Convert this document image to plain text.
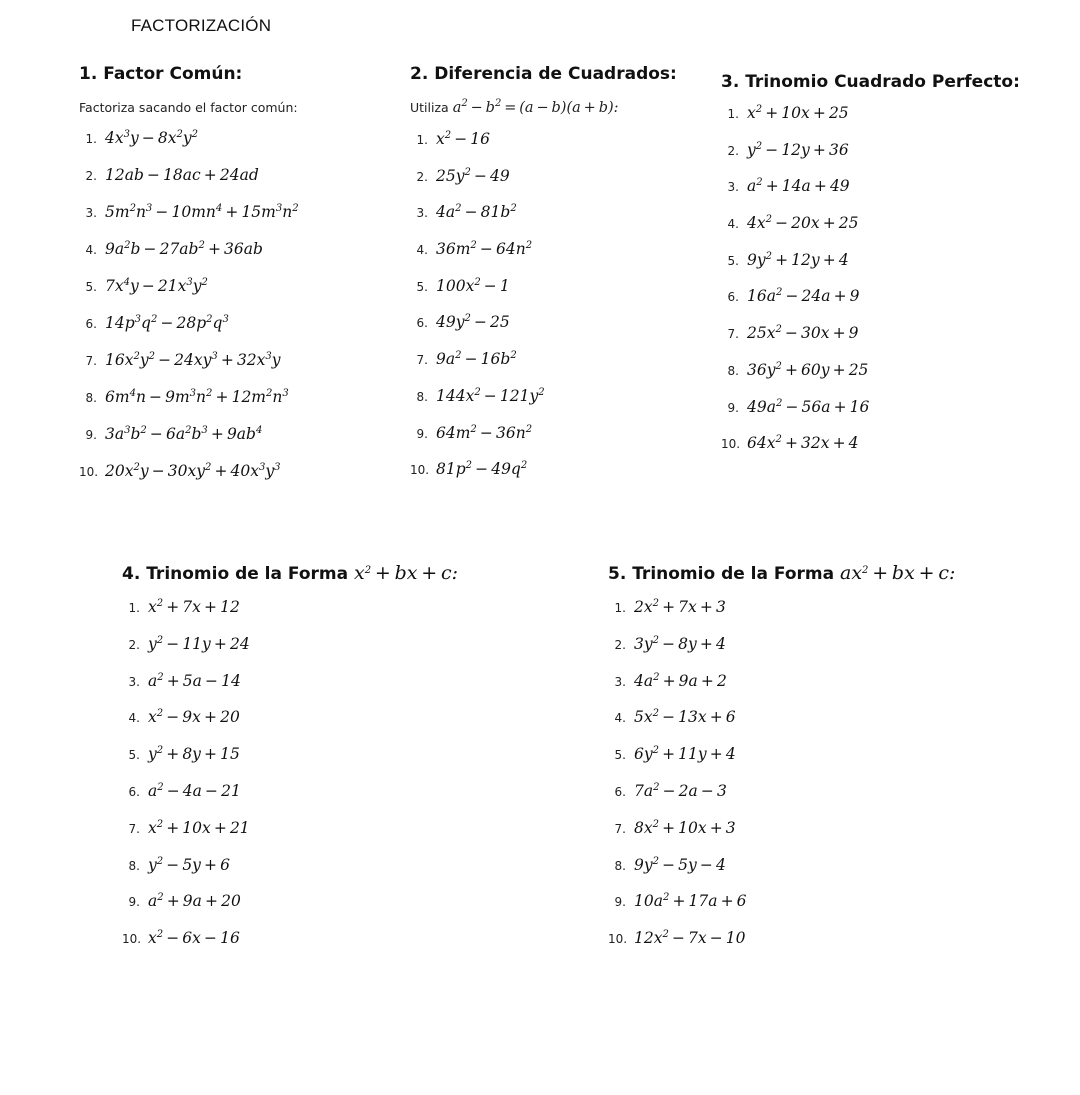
FACTORIZACIÓN
1. Factor Común:
Factoriza sacando el factor común:
1. $4x^3y - 8x^2y^2$
2. 12ab − 18ac + 24ad
3. $5m^2n^3 - 10mn^4 + 15m^3n^2$
4. $9a^2b - 27ab^2 + 36ab$
5. $7x^4y - 21x^3y^2$
6. $14p^3q^2 - 28p^2q^3$
7. $16x^2y^2 - 24xy^3 + 32x^3y$
8. $6m^4n - 9m^3n^2 + 12m^2n^3$
9. $3a^3b^2 - 6a^2b^3 + 9ab^4$
10. $20x^2y - 30xy^2 + 40x^3y^3$
2. Diferencia de Cuadrados:
Utiliza $a^2 - b^2 = (a - b)(a + b)$:
1. $x^2 - 16$
2. $25y^2 - 49$
3. $4a^2 - 81b^2$
4. $36m^2 - 64n^2$
5. $100x^2 - 1$
6. $49y^2 - 25$
7. $9a^2 - 16b^2$
8. $144x^2 - 121y^2$
9. $64m^2 - 36n^2$
10. $81p^2 - 49q^2$
3. Trinomio Cuadrado Perfecto:
1. $x^2 + 10x + 25$
2. $y^2 - 12y + 36$
3. $a^2 + 14a + 49$
4. $4x^2 - 20x + 25$
5. $9y^2 + 12y + 4$
6. $16a^2 - 24a + 9$
7. $25x^2 - 30x + 9$
8. $36y^2 + 60y + 25$
9. $49a^2 - 56a + 16$
10. $64x^2 + 32x + 4$
4. Trinomio de la Forma $x^2$ + bx + c:
1. $x^2 + 7x + 12$
2. $y^2 - 11y + 24$
3. $a^2 + 5a - 14$
4. $x^2 - 9x + 20$
5. $y^2 + 8y + 15$
6. $a^2 - 4a - 21$
7. $x^2 + 10x + 21$
8. $y^2 - 5y + 6$
9. $a^2 + 9a + 20$
10. $x^2 - 6x - 16$
5. Trinomio de la Forma $ax^2$ + bx + c:
1. $2x^2 + 7x + 3$
2. $3y^2 - 8y + 4$
3. $4a^2 + 9a + 2$
4. $5x^2 - 13x + 6$
5. $6y^2 + 11y + 4$
6. $7a^2 - 2a - 3$
7. $8x^2 + 10x + 3$
8. $9y^2 - 5y - 4$
9. $10a^2 + 17a + 6$
10. $12x^2 - 7x - 10$
